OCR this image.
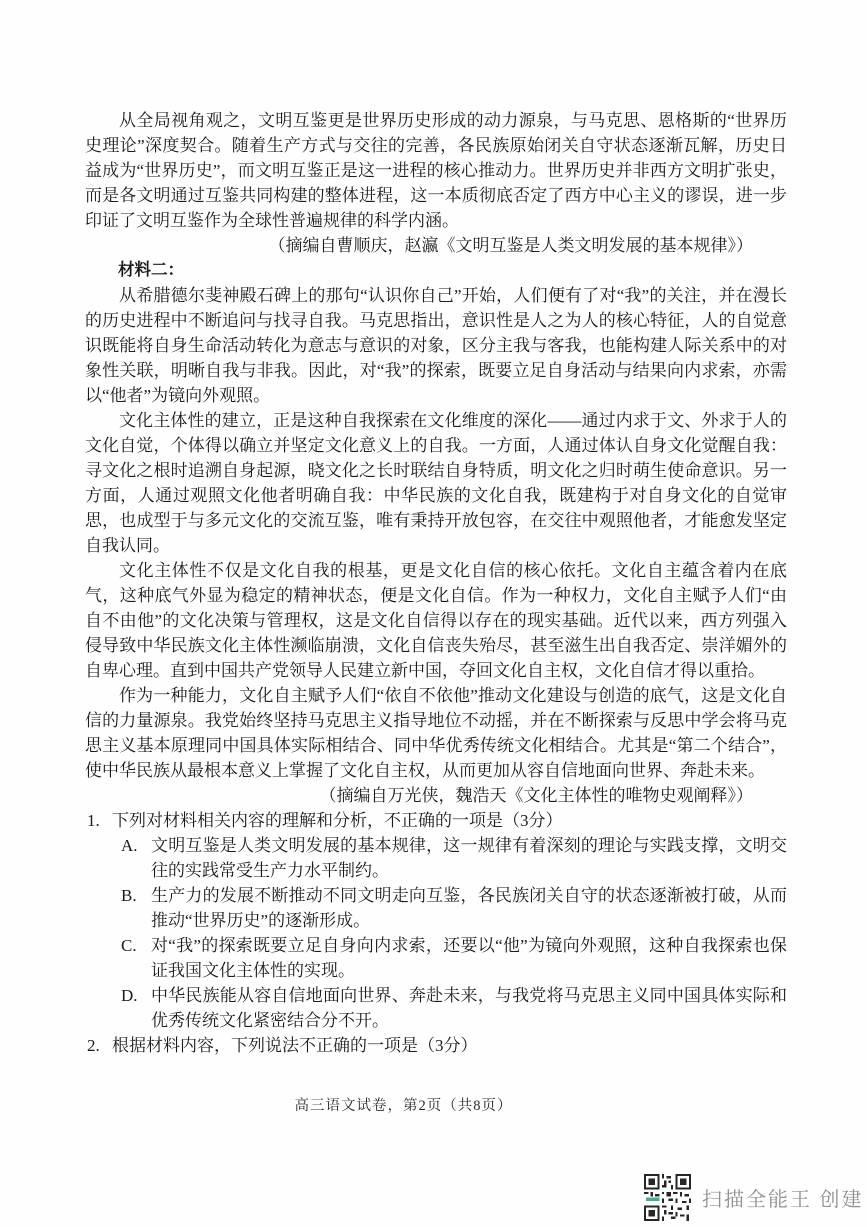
从全局视角观之，文明互鉴更是世界历史形成的动力源泉，与马克思、恩格斯的“世界历史理论”深度契合。随着生产方式与交往的完善，各民族原始闭关自守状态逐渐瓦解，历史日益成为“世界历史”，而文明互鉴正是这一进程的核心推动力。世界历史并非西方文明扩张史，而是各文明通过互鉴共同构建的整体进程，这一本质彻底否定了西方中心主义的谬误，进一步印证了文明互鉴作为全球性普遍规律的科学内涵。

（摘编自曹顺庆，赵瀛《文明互鉴是人类文明发展的基本规律》）

材料二：

从希腊德尔斐神殿石碑上的那句“认识你自己”开始，人们便有了对“我”的关注，并在漫长的历史进程中不断追问与找寻自我。马克思指出，意识性是人之为人的核心特征，人的自觉意识既能将自身生命活动转化为意志与意识的对象，区分主我与客我，也能构建人际关系中的对象性关联，明晰自我与非我。因此，对“我”的探索，既要立足自身活动与结果向内求索，亦需以“他者”为镜向外观照。

文化主体性的建立，正是这种自我探索在文化维度的深化——通过内求于文、外求于人的文化自觉，个体得以确立并坚定文化意义上的自我。一方面，人通过体认自身文化觉醒自我：寻文化之根时追溯自身起源，晓文化之长时联结自身特质，明文化之归时萌生使命意识。另一方面，人通过观照文化他者明确自我：中华民族的文化自我，既建构于对自身文化的自觉审思，也成型于与多元文化的交流互鉴，唯有秉持开放包容，在交往中观照他者，才能愈发坚定自我认同。

文化主体性不仅是文化自我的根基，更是文化自信的核心依托。文化自主蕴含着内在底气，这种底气外显为稳定的精神状态，便是文化自信。作为一种权力，文化自主赋予人们“由自不由他”的文化决策与管理权，这是文化自信得以存在的现实基础。近代以来，西方列强入侵导致中华民族文化主体性濒临崩溃，文化自信丧失殆尽，甚至滋生出自我否定、崇洋媚外的自卑心理。直到中国共产党领导人民建立新中国，夺回文化自主权，文化自信才得以重拾。

作为一种能力，文化自主赋予人们“依自不依他”推动文化建设与创造的底气，这是文化自信的力量源泉。我党始终坚持马克思主义指导地位不动摇，并在不断探索与反思中学会将马克思主义基本原理同中国具体实际相结合、同中华优秀传统文化相结合。尤其是“第二个结合”，使中华民族从最根本意义上掌握了文化自主权，从而更加从容自信地面向世界、奔赴未来。

（摘编自万光侠，魏浩天《文化主体性的唯物史观阐释》）

1. 下列对材料相关内容的理解和分析，不正确的一项是（3分）
A. 文明互鉴是人类文明发展的基本规律，这一规律有着深刻的理论与实践支撑，文明交往的实践常受生产力水平制约。
B. 生产力的发展不断推动不同文明走向互鉴，各民族闭关自守的状态逐渐被打破，从而推动“世界历史”的逐渐形成。
C. 对“我”的探索既要立足自身向内求索，还要以“他”为镜向外观照，这种自我探索也保证我国文化主体性的实现。
D. 中华民族能从容自信地面向世界、奔赴未来，与我党将马克思主义同中国具体实际和优秀传统文化紧密结合分不开。
2. 根据材料内容，下列说法不正确的一项是（3分）
高三语文试卷，第2页（共8页）
扫描全能王 创建
